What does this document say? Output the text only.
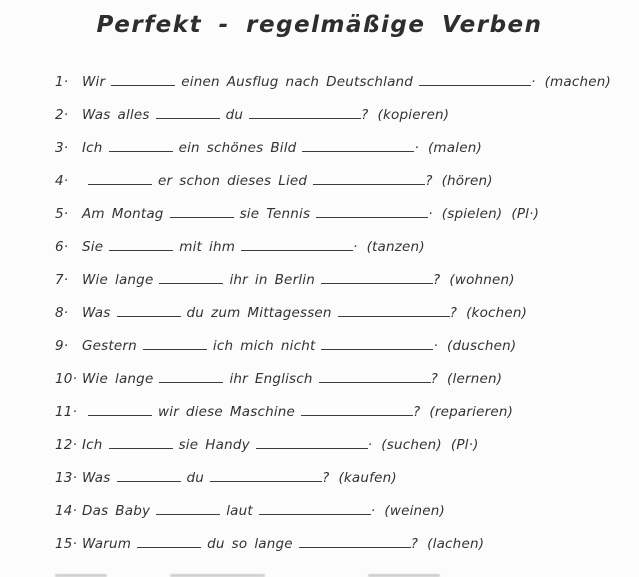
Perfekt - regelmäßige Verben
1· Wir	einen Ausflug nach Deutschland	· (machen)
2· Was alles	du	? (kopieren)
3· Ich	ein schönes Bild	· (malen)
4·	er schon dieses Lied	? (hören)
5· Am Montag	sie Tennis	· (spielen) (Pl·)
6· Sie	mit ihm	· (tanzen)
7· Wie lange	ihr in Berlin	? (wohnen)
8· Was	du zum Mittagessen	? (kochen)
9· Gestern	ich mich nicht	· (duschen)
10· Wie lange	ihr Englisch	? (lernen)
11·	wir diese Maschine	? (reparieren)
12· Ich	sie Handy	· (suchen) (Pl·)
13· Was	du	? (kaufen)
14· Das Baby	laut	· (weinen)
15· Warum	du so lange	? (lachen)
